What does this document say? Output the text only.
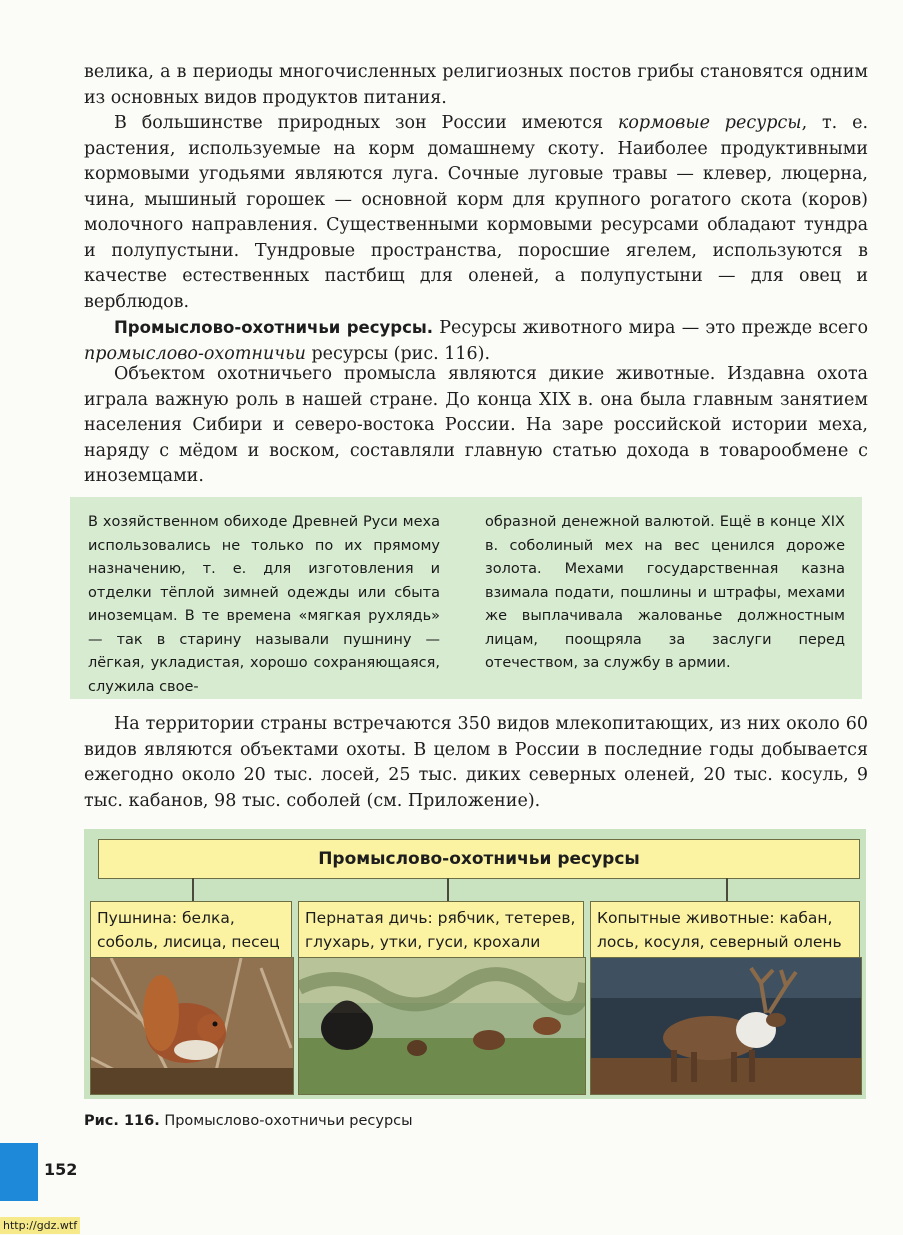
велика, а в периоды многочисленных религиозных постов грибы становятся одним из основных видов продуктов питания.

В большинстве природных зон России имеются кормовые ресурсы, т. е. растения, используемые на корм домашнему скоту. Наиболее продуктивными кормовыми угодьями являются луга. Сочные луговые травы — клевер, люцерна, чина, мышиный горошек — основной корм для крупного рогатого скота (коров) молочного направления. Существенными кормовыми ресурсами обладают тундра и полупустыни. Тундровые пространства, поросшие ягелем, используются в качестве естественных пастбищ для оленей, а полупустыни — для овец и верблюдов.

Промыслово-охотничьи ресурсы. Ресурсы животного мира — это прежде всего промыслово-охотничьи ресурсы (рис. 116).

Объектом охотничьего промысла являются дикие животные. Издавна охота играла важную роль в нашей стране. До конца XIX в. она была главным занятием населения Сибири и северо-востока России. На заре российской истории меха, наряду с мёдом и воском, составляли главную статью дохода в товарообмене с иноземцами.

В хозяйственном обиходе Древней Руси меха использовались не только по их прямому назначению, т. е. для изготовления и отделки тёплой зимней одежды или сбыта иноземцам. В те времена «мягкая рухлядь» — так в старину называли пушнину — лёгкая, укладистая, хорошо сохраняющаяся, служила свое-
образной денежной валютой. Ещё в конце XIX в. соболиный мех на вес ценился дороже золота. Мехами государственная казна взимала подати, пошлины и штрафы, мехами же выплачивала жалованье должностным лицам, поощряла за заслуги перед отечеством, за службу в армии.

На территории страны встречаются 350 видов млекопитающих, из них около 60 видов являются объектами охоты. В целом в России в последние годы добывается ежегодно около 20 тыс. лосей, 25 тыс. диких северных оленей, 20 тыс. косуль, 9 тыс. кабанов, 98 тыс. соболей (см. Приложение).

Промыслово-охотничьи ресурсы
Пушнина: белка, соболь, лисица, песец
Пернатая дичь: рябчик, тетерев, глухарь, утки, гуси, крохали
Копытные животные: кабан, лось, косуля, северный олень
Рис. 116. Промыслово-охотничьи ресурсы
152
http://gdz.wtf
